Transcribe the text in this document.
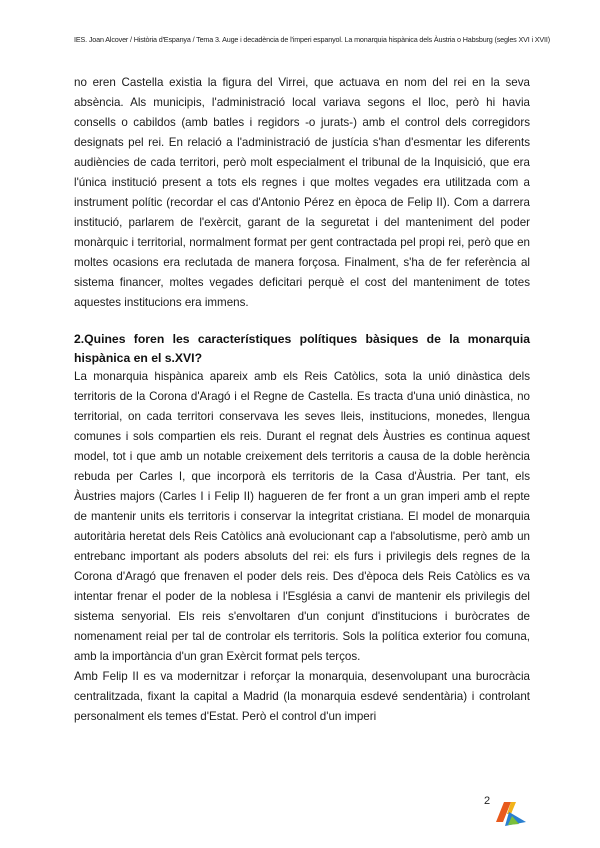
IES. Joan Alcover / Història d'Espanya / Tema 3. Auge i decadència de l'imperi espanyol. La monarquia hispànica dels Àustria o Habsburg (segles XVI i XVII)

no eren Castella existia la figura del Virrei, que actuava en nom del rei en la seva absència. Als municipis, l'administració local variava segons el lloc, però hi havia consells o cabildos (amb batles i regidors -o jurats-) amb el control dels corregidors designats pel rei. En relació a l'administració de justícia s'han d'esmentar les diferents audiències de cada territori, però molt especialment el tribunal de la Inquisició, que era l'única institució present a tots els regnes i que moltes vegades era utilitzada com a instrument polític (recordar el cas d'Antonio Pérez en època de Felip II). Com a darrera institució, parlarem de l'exèrcit, garant de la seguretat i del manteniment del poder monàrquic i territorial, normalment format per gent contractada pel propi rei, però que en moltes ocasions era reclutada de manera forçosa. Finalment, s'ha de fer referència al sistema financer, moltes vegades deficitari perquè el cost del manteniment de totes aquestes institucions era immens.

2.Quines foren les característiques polítiques bàsiques de la monarquia hispànica en el s.XVI?

La monarquia hispànica apareix amb els Reis Catòlics, sota la unió dinàstica dels territoris de la Corona d'Aragó i el Regne de Castella. Es tracta d'una unió dinàstica, no territorial, on cada territori conservava les seves lleis, institucions, monedes, llengua comunes i sols compartien els reis. Durant el regnat dels Àustries es continua aquest model, tot i que amb un notable creixement dels territoris a causa de la doble herència rebuda per Carles I, que incorporà els territoris de la Casa d'Àustria. Per tant, els Àustries majors (Carles I i Felip II) hagueren de fer front a un gran imperi amb el repte de mantenir units els territoris i conservar la integritat cristiana. El model de monarquia autoritària heretat dels Reis Catòlics anà evolucionant cap a l'absolutisme, però amb un entrebanc important als poders absoluts del rei: els furs i privilegis dels regnes de la Corona d'Aragó que frenaven el poder dels reis. Des d'època dels Reis Catòlics es va intentar frenar el poder de la noblesa i l'Església a canvi de mantenir els privilegis del sistema senyorial. Els reis s'envoltaren d'un conjunt d'institucions i buròcrates de nomenament reial per tal de controlar els territoris. Sols la política exterior fou comuna, amb la importància d'un gran Exèrcit format pels terços.

Amb Felip II es va modernitzar i reforçar la monarquia, desenvolupant una burocràcia centralitzada, fixant la capital a Madrid (la monarquia esdevé sendentària) i controlant personalment els temes d'Estat. Però el control d'un imperi

2
